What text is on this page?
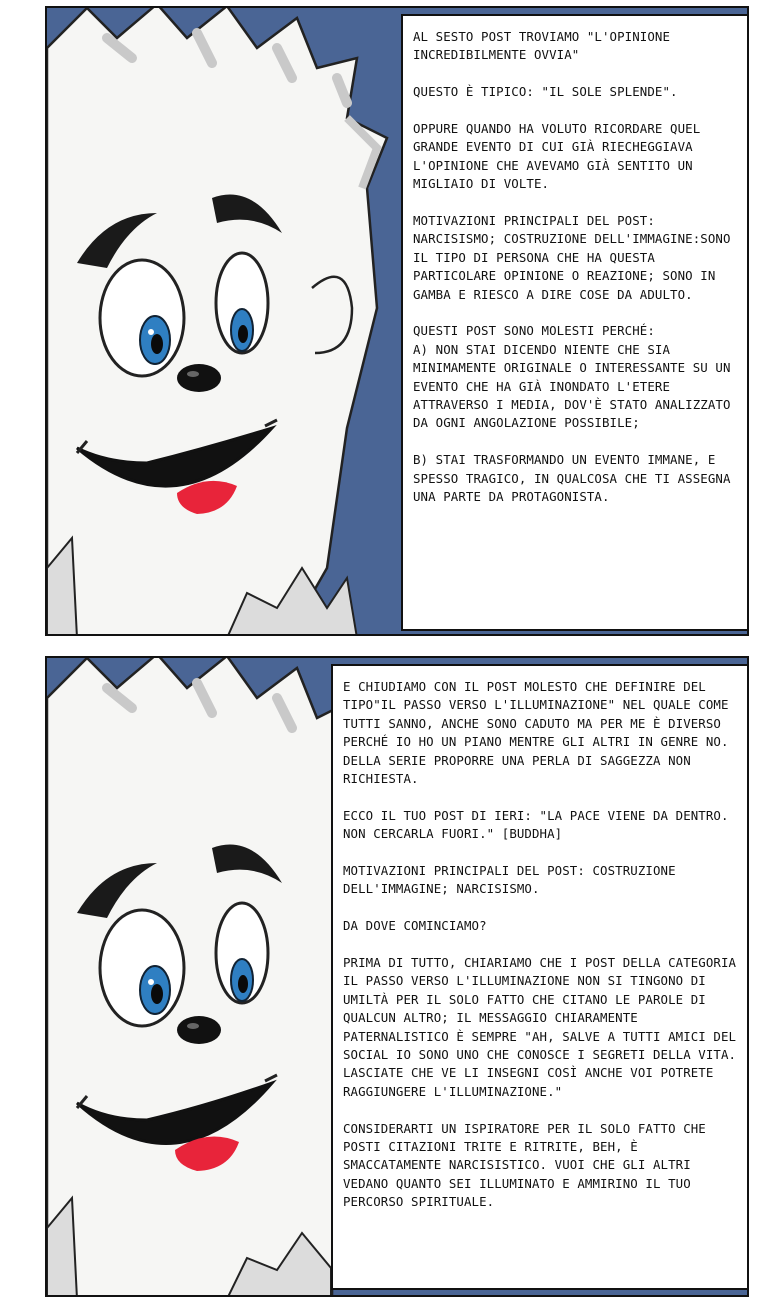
AL SESTO POST TROVIAMO "L'OPINIONE INCREDIBILMENTE OVVIA"

QUESTO È TIPICO: "IL SOLE SPLENDE".

OPPURE QUANDO HA VOLUTO RICORDARE QUEL GRANDE EVENTO DI CUI GIÀ RIECHEGGIAVA L'OPINIONE CHE AVEVAMO GIÀ SENTITO UN MIGLIAIO DI VOLTE.

MOTIVAZIONI PRINCIPALI DEL POST: NARCISISMO; COSTRUZIONE DELL'IMMAGINE:SONO IL TIPO DI PERSONA CHE HA QUESTA PARTICOLARE OPINIONE O REAZIONE; SONO IN GAMBA E RIESCO A DIRE COSE DA ADULTO.

QUESTI POST SONO MOLESTI PERCHÉ:
A) NON STAI DICENDO NIENTE CHE SIA MINIMAMENTE ORIGINALE O INTERESSANTE SU UN EVENTO CHE HA GIÀ INONDATO L'ETERE ATTRAVERSO I MEDIA, DOV'È STATO ANALIZZATO DA OGNI ANGOLAZIONE POSSIBILE;

B) STAI TRASFORMANDO UN EVENTO IMMANE, E SPESSO TRAGICO, IN QUALCOSA CHE TI ASSEGNA UNA PARTE DA PROTAGONISTA.

E CHIUDIAMO CON IL POST MOLESTO CHE DEFINIRE DEL TIPO"IL PASSO VERSO L'ILLUMINAZIONE" NEL QUALE COME TUTTI SANNO, ANCHE SONO CADUTO MA PER ME È DIVERSO PERCHÉ IO HO UN PIANO MENTRE GLI ALTRI IN GENRE NO. DELLA SERIE PROPORRE UNA PERLA DI SAGGEZZA NON RICHIESTA.

ECCO IL TUO POST DI IERI: "LA PACE VIENE DA DENTRO. NON CERCARLA FUORI." [BUDDHA]

MOTIVAZIONI PRINCIPALI DEL POST: COSTRUZIONE DELL'IMMAGINE; NARCISISMO.

DA DOVE COMINCIAMO?

PRIMA DI TUTTO, CHIARIAMO CHE I POST DELLA CATEGORIA IL PASSO VERSO L'ILLUMINAZIONE NON SI TINGONO DI UMILTÀ PER IL SOLO FATTO CHE CITANO LE PAROLE DI QUALCUN ALTRO; IL MESSAGGIO CHIARAMENTE PATERNALISTICO È SEMPRE "AH, SALVE A TUTTI AMICI DEL SOCIAL IO SONO UNO CHE CONOSCE I SEGRETI DELLA VITA. LASCIATE CHE VE LI INSEGNI COSÌ ANCHE VOI POTRETE RAGGIUNGERE L'ILLUMINAZIONE."

CONSIDERARTI UN ISPIRATORE PER IL SOLO FATTO CHE POSTI CITAZIONI TRITE E RITRITE, BEH, È SMACCATAMENTE NARCISISTICO. VUOI CHE GLI ALTRI VEDANO QUANTO SEI ILLUMINATO E AMMIRINO IL TUO PERCORSO SPIRITUALE.
